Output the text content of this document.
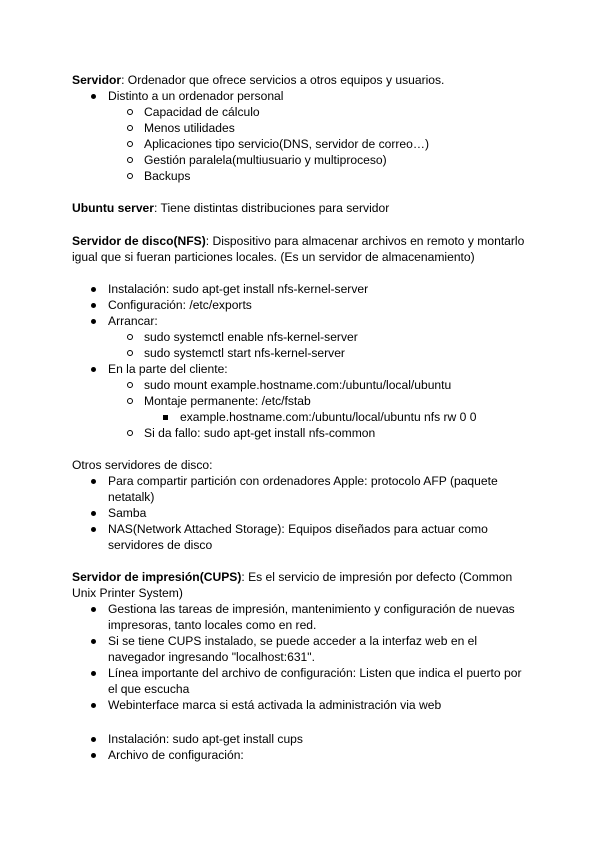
Servidor: Ordenador que ofrece servicios a otros equipos y usuarios.
Distinto a un ordenador personal
Capacidad de cálculo
Menos utilidades
Aplicaciones tipo servicio(DNS, servidor de correo…)
Gestión paralela(multiusuario y multiproceso)
Backups
Ubuntu server: Tiene distintas distribuciones para servidor
Servidor de disco(NFS): Dispositivo para almacenar archivos en remoto y montarlo
igual que si fueran particiones locales. (Es un servidor de almacenamiento)
Instalación: sudo apt-get install nfs-kernel-server
Configuración: /etc/exports
Arrancar:
sudo systemctl enable nfs-kernel-server
sudo systemctl start nfs-kernel-server
En la parte del cliente:
sudo mount example.hostname.com:/ubuntu/local/ubuntu
Montaje permanente: /etc/fstab
example.hostname.com:/ubuntu/local/ubuntu nfs rw 0 0
Si da fallo: sudo apt-get install nfs-common
Otros servidores de disco:
Para compartir partición con ordenadores Apple: protocolo AFP (paquete
netatalk)
Samba
NAS(Network Attached Storage): Equipos diseñados para actuar como
servidores de disco
Servidor de impresión(CUPS): Es el servicio de impresión por defecto (Common
Unix Printer System)
Gestiona las tareas de impresión, mantenimiento y configuración de nuevas
impresoras, tanto locales como en red.
Si se tiene CUPS instalado, se puede acceder a la interfaz web en el
navegador ingresando "localhost:631".
Línea importante del archivo de configuración: Listen que indica el puerto por
el que escucha
Webinterface marca si está activada la administración via web
Instalación: sudo apt-get install cups
Archivo de configuración:
